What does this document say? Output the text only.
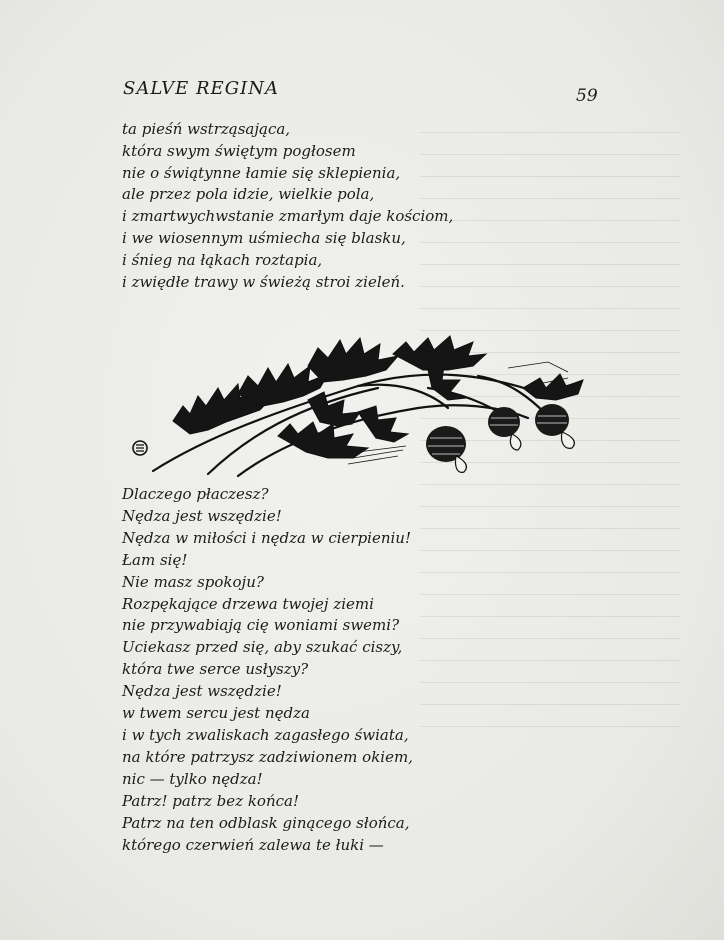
SALVE REGINA	59
ta pieśń wstrząsająca,
która swym świętym pogłosem
nie o świątynne łamie się sklepienia,
ale przez pola idzie, wielkie pola,
i zmartwychwstanie zmarłym daje kościom,
i we wiosennym uśmiecha się blasku,
i śnieg na łąkach roztapia,
i zwiędłe trawy w świeżą stroi zieleń.
Dlaczego płaczesz?
Nędza jest wszędzie!
Nędza w miłości i nędza w cierpieniu!
Łam się!
Nie masz spokoju?
Rozpękające drzewa twojej ziemi
nie przywabiają cię woniami swemi?
Uciekasz przed się, aby szukać ciszy,
która twe serce usłyszy?
Nędza jest wszędzie!
w twem sercu jest nędza
i w tych zwaliskach zagasłego świata,
na które patrzysz zadziwionem okiem,
nic — tylko nędza!
Patrz! patrz bez końca!
Patrz na ten odblask ginącego słońca,
którego czerwień zalewa te łuki —
